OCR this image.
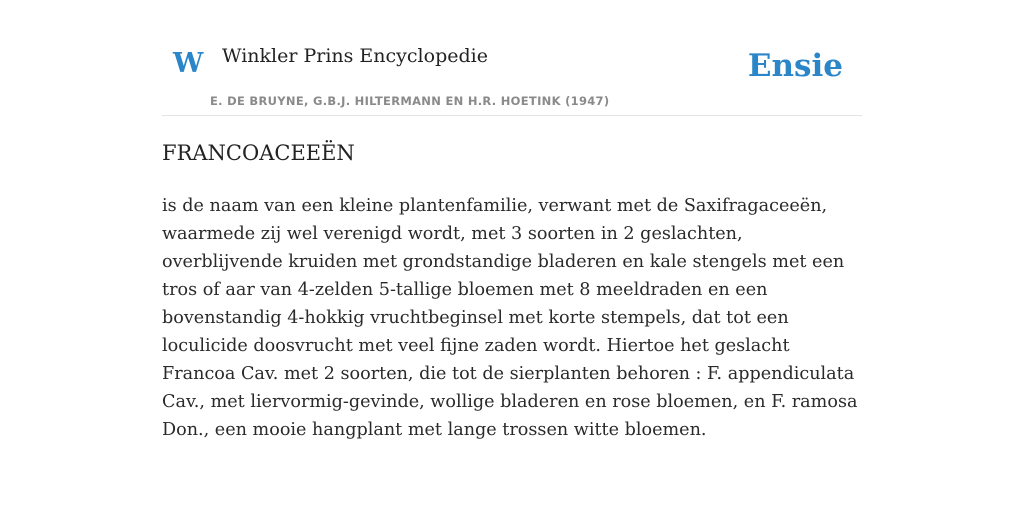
W Winkler Prins Encyclopedie
E. DE BRUYNE, G.B.J. HILTERMANN EN H.R. HOETINK (1947)
Ensie
FRANCOACEEËN

is de naam van een kleine plantenfamilie, verwant met de Saxifragaceeën, waarmede zij wel verenigd wordt, met 3 soorten in 2 geslachten, overblijvende kruiden met grondstandige bladeren en kale stengels met een tros of aar van 4-zelden 5-tallige bloemen met 8 meeldraden en een bovenstandig 4-hokkig vruchtbeginsel met korte stempels, dat tot een loculicide doosvrucht met veel fijne zaden wordt. Hiertoe het geslacht Francoa Cav. met 2 soorten, die tot de sierplanten behoren : F. appendiculata Cav., met liervormig-gevinde, wollige bladeren en rose bloemen, en F. ramosa Don., een mooie hangplant met lange trossen witte bloemen.
